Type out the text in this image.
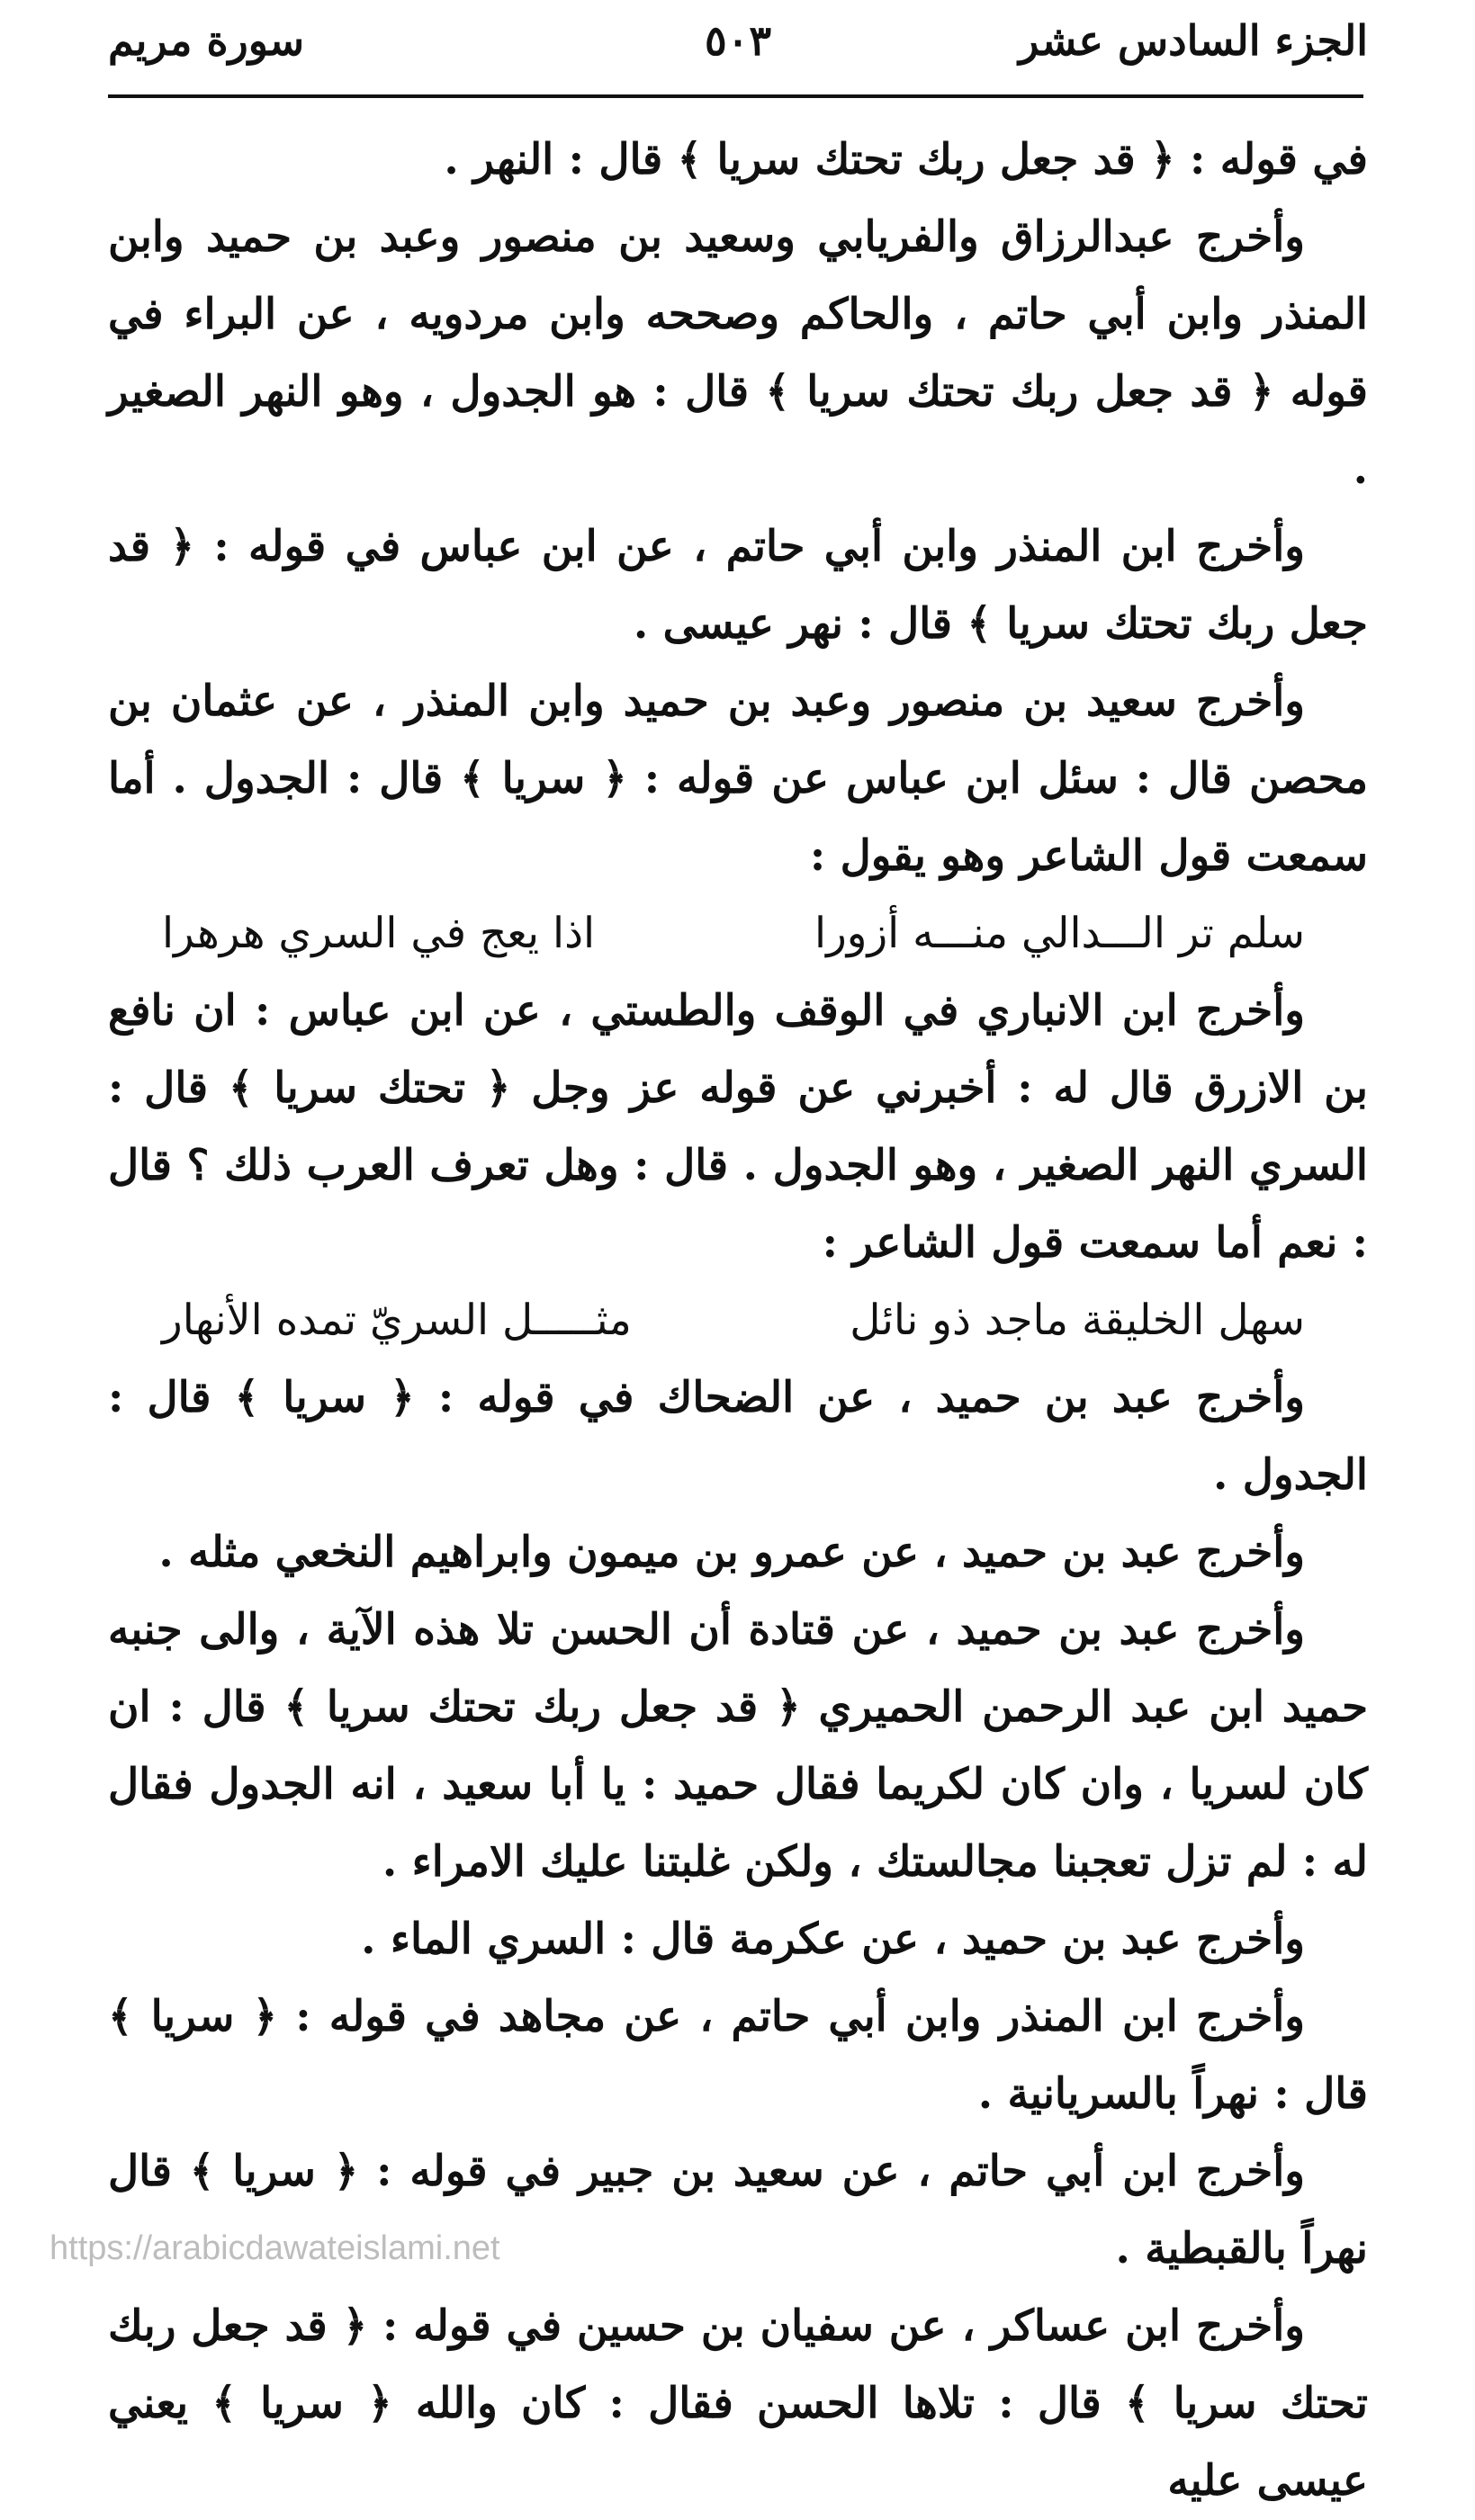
الجزء السادس عشر
٥٠٣
سورة مريم

في قوله : ﴿ قد جعل ربك تحتك سريا ﴾ قال : النهر .

وأخرج عبدالرزاق والفريابي وسعيد بن منصور وعبد بن حميد وابن المنذر وابن أبي حاتم ، والحاكم وصححه وابن مردويه ، عن البراء في قوله ﴿ قد جعل ربك تحتك سريا ﴾ قال : هو الجدول ، وهو النهر الصغير .

وأخرج ابن المنذر وابن أبي حاتم ، عن ابن عباس في قوله : ﴿ قد جعل ربك تحتك سريا ﴾ قال : نهر عيسى .

وأخرج سعيد بن منصور وعبد بن حميد وابن المنذر ، عن عثمان بن محصن قال : سئل ابن عباس عن قوله : ﴿ سريا ﴾ قال : الجدول . أما سمعت قول الشاعر وهو يقول :

سلم تر الـــدالي منـــه أزورا
اذا يعج في السري هرهرا

وأخرج ابن الانباري في الوقف والطستي ، عن ابن عباس : ان نافع بن الازرق قال له : أخبرني عن قوله عز وجل ﴿ تحتك سريا ﴾ قال : السري النهر الصغير ، وهو الجدول . قال : وهل تعرف العرب ذلك ؟ قال : نعم أما سمعت قول الشاعر :

سهل الخليقة ماجد ذو نائل
مثـــــل السريّ تمده الأنهار

وأخرج عبد بن حميد ، عن الضحاك في قوله : ﴿ سريا ﴾ قال : الجدول .

وأخرج عبد بن حميد ، عن عمرو بن ميمون وابراهيم النخعي مثله .

وأخرج عبد بن حميد ، عن قتادة أن الحسن تلا هذه الآية ، والى جنبه حميد ابن عبد الرحمن الحميري ﴿ قد جعل ربك تحتك سريا ﴾ قال : ان كان لسريا ، وان كان لكريما فقال حميد : يا أبا سعيد ، انه الجدول فقال له : لم تزل تعجبنا مجالستك ، ولكن غلبتنا عليك الامراء .

وأخرج عبد بن حميد ، عن عكرمة قال : السري الماء .

وأخرج ابن المنذر وابن أبي حاتم ، عن مجاهد في قوله : ﴿ سريا ﴾ قال : نهراً بالسريانية .

وأخرج ابن أبي حاتم ، عن سعيد بن جبير في قوله : ﴿ سريا ﴾ قال نهراً بالقبطية .

وأخرج ابن عساكر ، عن سفيان بن حسين في قوله : ﴿ قد جعل ربك تحتك سريا ﴾ قال : تلاها الحسن فقال : كان والله ﴿ سريا ﴾ يعني عيسى عليه

https://arabicdawateislami.net
